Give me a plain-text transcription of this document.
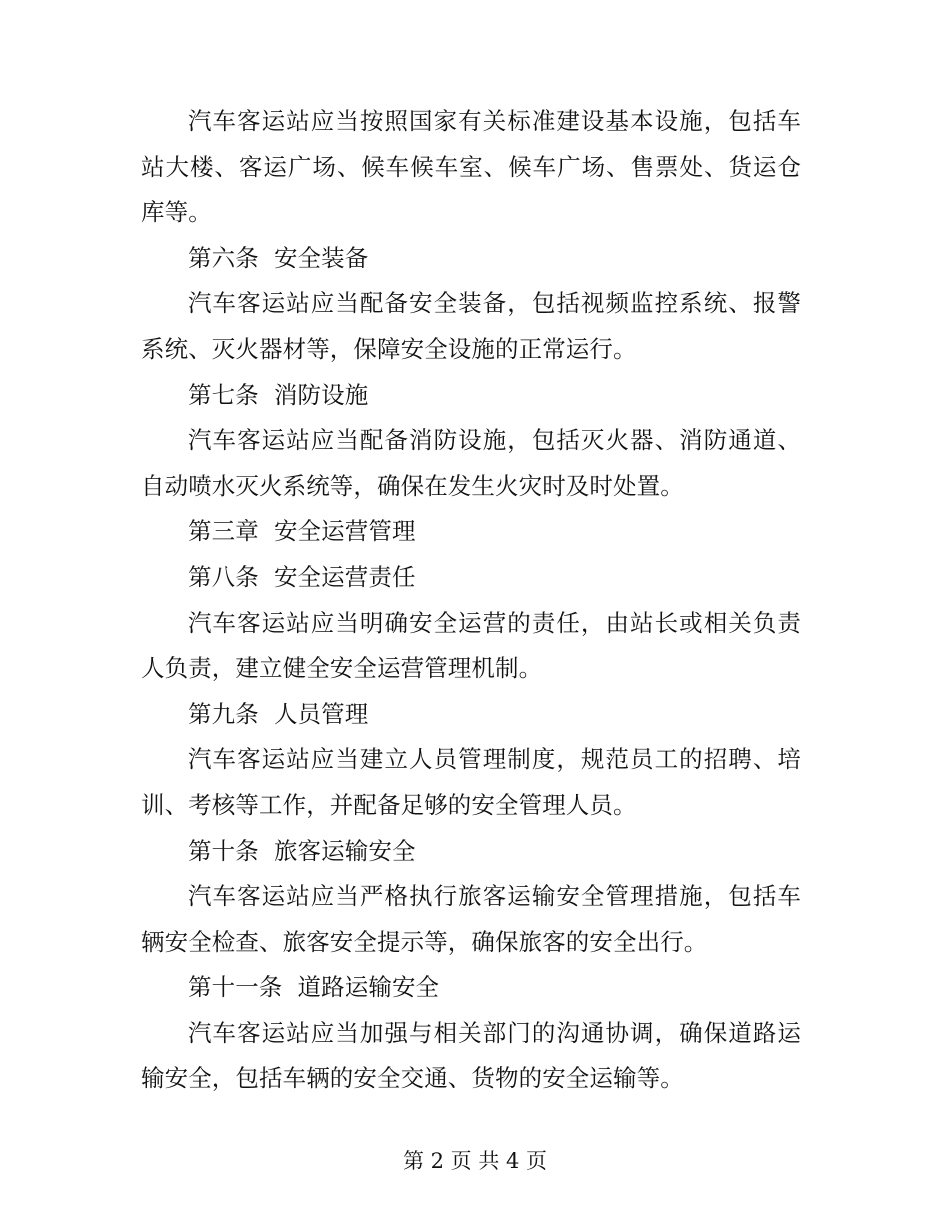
汽车客运站应当按照国家有关标准建设基本设施，包括车站大楼、客运广场、候车候车室、候车广场、售票处、货运仓库等。

第六条  安全装备

汽车客运站应当配备安全装备，包括视频监控系统、报警系统、灭火器材等，保障安全设施的正常运行。

第七条  消防设施

汽车客运站应当配备消防设施，包括灭火器、消防通道、自动喷水灭火系统等，确保在发生火灾时及时处置。

第三章  安全运营管理

第八条  安全运营责任

汽车客运站应当明确安全运营的责任，由站长或相关负责人负责，建立健全安全运营管理机制。

第九条  人员管理

汽车客运站应当建立人员管理制度，规范员工的招聘、培训、考核等工作，并配备足够的安全管理人员。

第十条  旅客运输安全

汽车客运站应当严格执行旅客运输安全管理措施，包括车辆安全检查、旅客安全提示等，确保旅客的安全出行。

第十一条  道路运输安全

汽车客运站应当加强与相关部门的沟通协调，确保道路运输安全，包括车辆的安全交通、货物的安全运输等。

第 2 页 共 4 页
